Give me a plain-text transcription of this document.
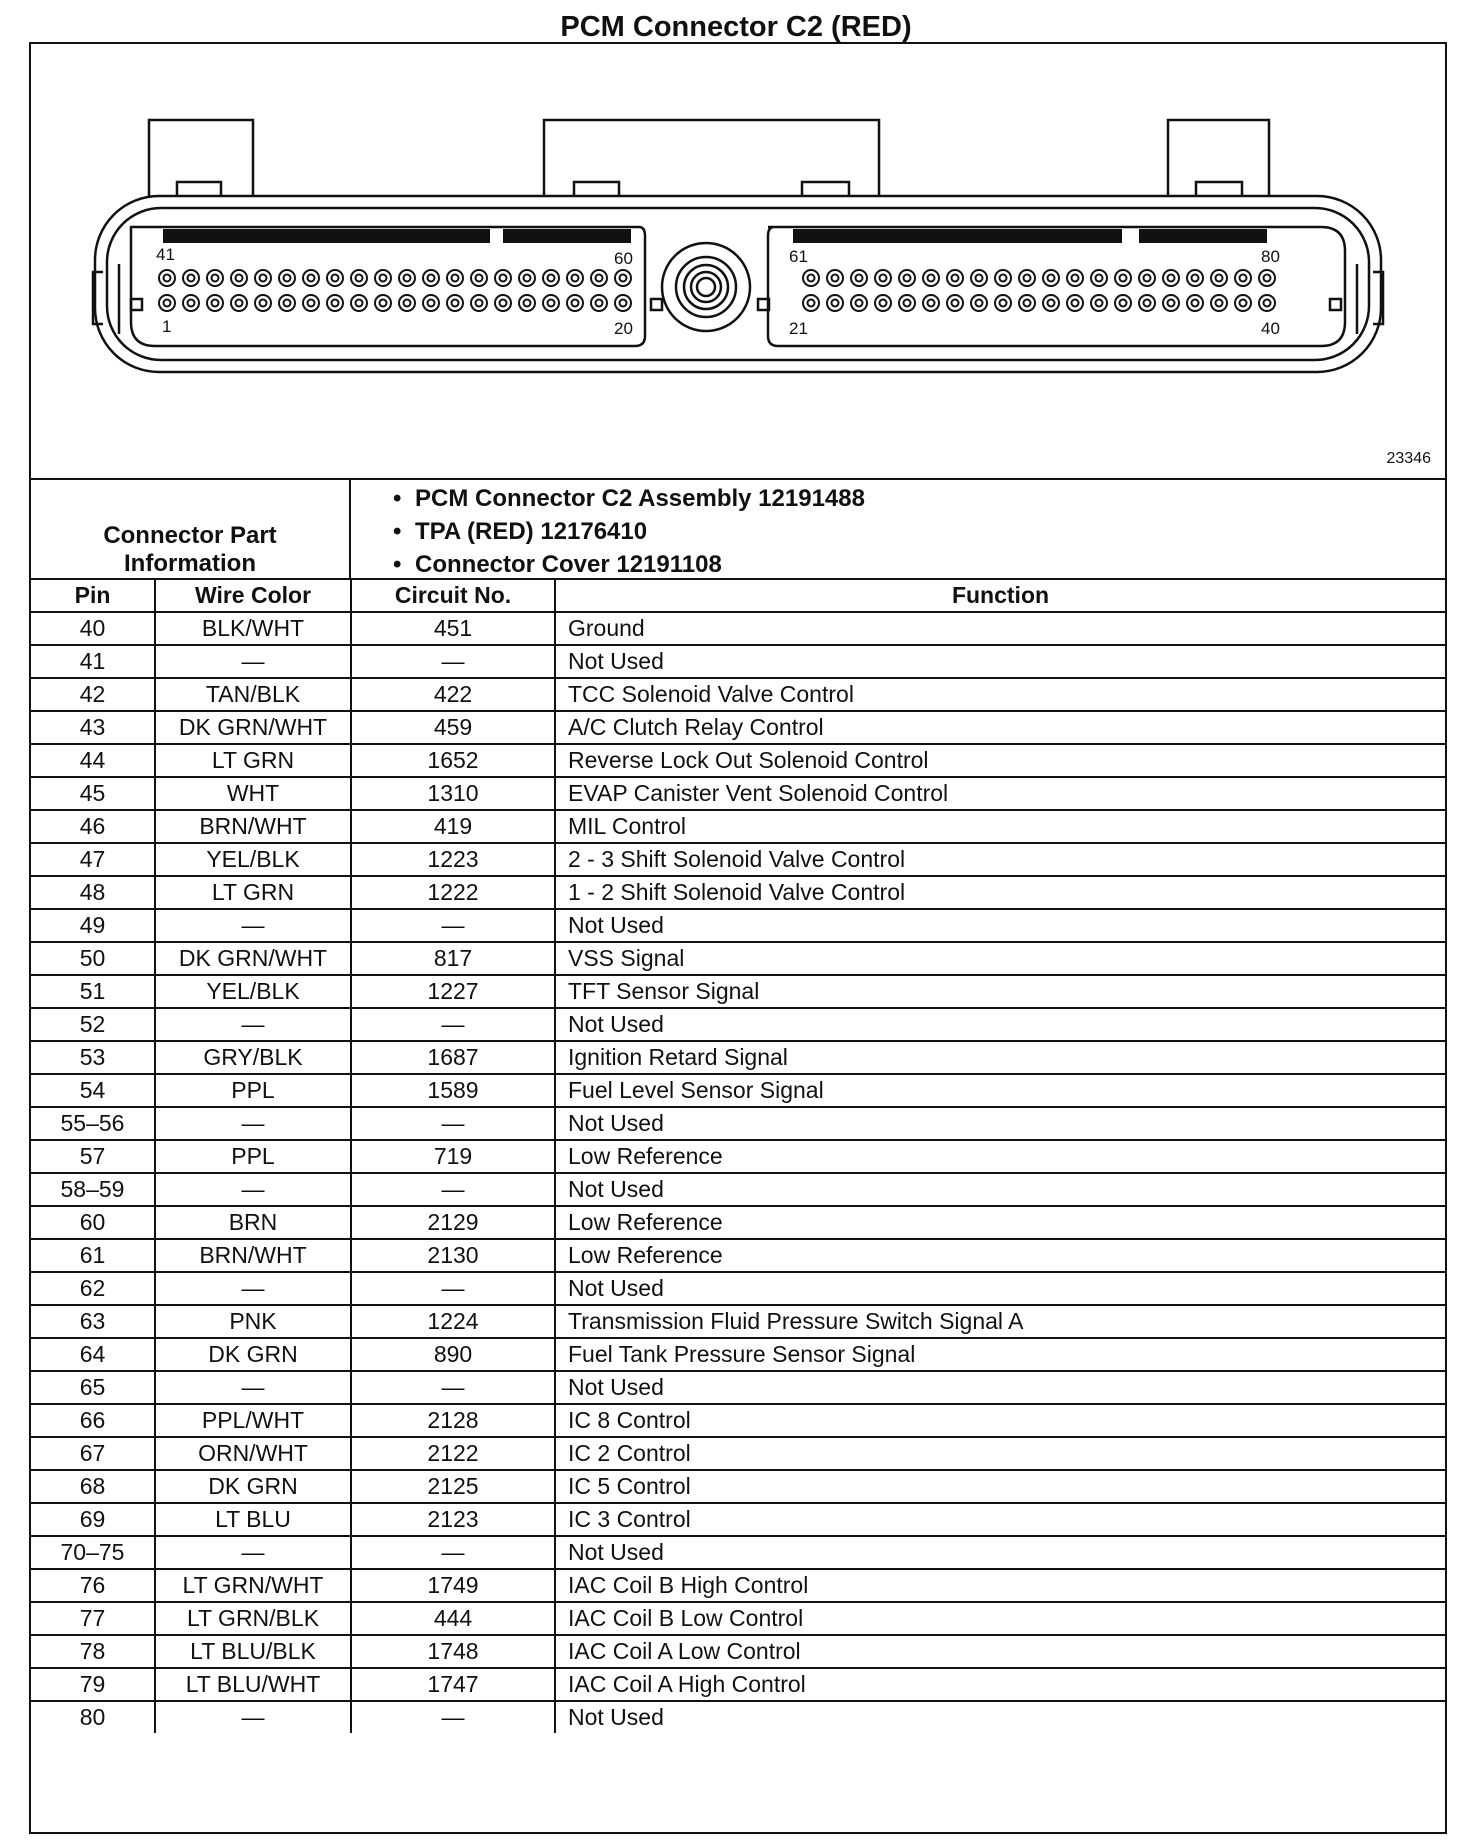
PCM Connector C2 (RED)
41	60
1	20
61	80
21	40
23346
Connector Part Information
• PCM Connector C2 Assembly 12191488
• TPA (RED) 12176410
• Connector Cover 12191108
Pin	Wire Color	Circuit No.	Function
40	BLK/WHT	451	Ground
41	—	—	Not Used
42	TAN/BLK	422	TCC Solenoid Valve Control
43	DK GRN/WHT	459	A/C Clutch Relay Control
44	LT GRN	1652	Reverse Lock Out Solenoid Control
45	WHT	1310	EVAP Canister Vent Solenoid Control
46	BRN/WHT	419	MIL Control
47	YEL/BLK	1223	2 - 3 Shift Solenoid Valve Control
48	LT GRN	1222	1 - 2 Shift Solenoid Valve Control
49	—	—	Not Used
50	DK GRN/WHT	817	VSS Signal
51	YEL/BLK	1227	TFT Sensor Signal
52	—	—	Not Used
53	GRY/BLK	1687	Ignition Retard Signal
54	PPL	1589	Fuel Level Sensor Signal
55–56	—	—	Not Used
57	PPL	719	Low Reference
58–59	—	—	Not Used
60	BRN	2129	Low Reference
61	BRN/WHT	2130	Low Reference
62	—	—	Not Used
63	PNK	1224	Transmission Fluid Pressure Switch Signal A
64	DK GRN	890	Fuel Tank Pressure Sensor Signal
65	—	—	Not Used
66	PPL/WHT	2128	IC 8 Control
67	ORN/WHT	2122	IC 2 Control
68	DK GRN	2125	IC 5 Control
69	LT BLU	2123	IC 3 Control
70–75	—	—	Not Used
76	LT GRN/WHT	1749	IAC Coil B High Control
77	LT GRN/BLK	444	IAC Coil B Low Control
78	LT BLU/BLK	1748	IAC Coil A Low Control
79	LT BLU/WHT	1747	IAC Coil A High Control
80	—	—	Not Used
